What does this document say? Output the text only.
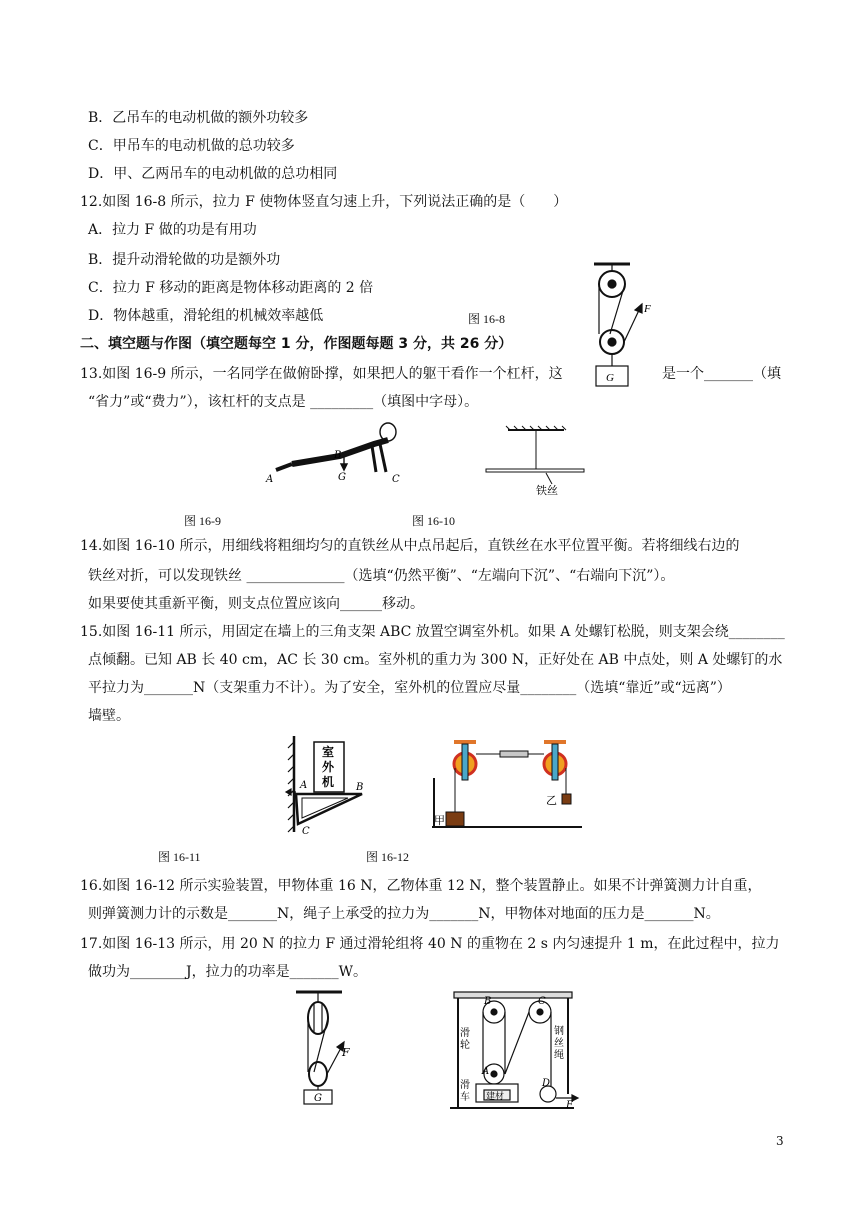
B．乙吊车的电动机做的额外功较多
C．甲吊车的电动机做的总功较多
D．甲、乙两吊车的电动机做的总功相同
12.如图 16-8 所示，拉力 F 使物体竖直匀速上升，下列说法正确的是（　　）
A．拉力 F 做的功是有用功
B．提升动滑轮做的功是额外功
C．拉力 F 移动的距离是物体移动距离的 2 倍
D．物体越重，滑轮组的机械效率越低	图 16-8
F
G
二、填空题与作图（填空题每空 1 分，作图题每题 3 分，共 26 分）
13.如图 16-9 所示，一名同学在做俯卧撑，如果把人的躯干看作一个杠杆，这	是一个_______（填
“省力”或“费力”），该杠杆的支点是 _________（填图中字母）。
B
G
A	C
铁丝
图 16-9	图 16-10
14.如图 16-10 所示，用细线将粗细均匀的直铁丝从中点吊起后，直铁丝在水平位置平衡。若将细线右边的
铁丝对折，可以发现铁丝 ______________（选填“仍然平衡”、“左端向下沉”、“右端向下沉”）。
如果要使其重新平衡，则支点位置应该向______移动。
15.如图 16-11 所示，用固定在墙上的三角支架 ABC 放置空调室外机。如果 A 处螺钉松脱，则支架会绕________
点倾翻。已知 AB 长 40 cm，AC 长 30 cm。室外机的重力为 300 N，正好处在 AB 中点处，则 A 处螺钉的水
平拉力为_______N（支架重力不计）。为了安全，室外机的位置应尽量________（选填“靠近”或“远离”）
墙壁。
室
外
机
A	B
C
甲
乙
图 16-11	图 16-12
16.如图 16-12 所示实验装置，甲物体重 16 N，乙物体重 12 N，整个装置静止。如果不计弹簧测力计自重，
则弹簧测力计的示数是_______N，绳子上承受的拉力为_______N，甲物体对地面的压力是_______N。
17.如图 16-13 所示，用 20 N 的拉力 F 通过滑轮组将 40 N 的重物在 2 s 内匀速提升 1 m，在此过程中，拉力
做功为________J，拉力的功率是_______W。
F
G
B	C
A
D
F
滑
轮
钢
丝
绳
滑
车 建材
3
